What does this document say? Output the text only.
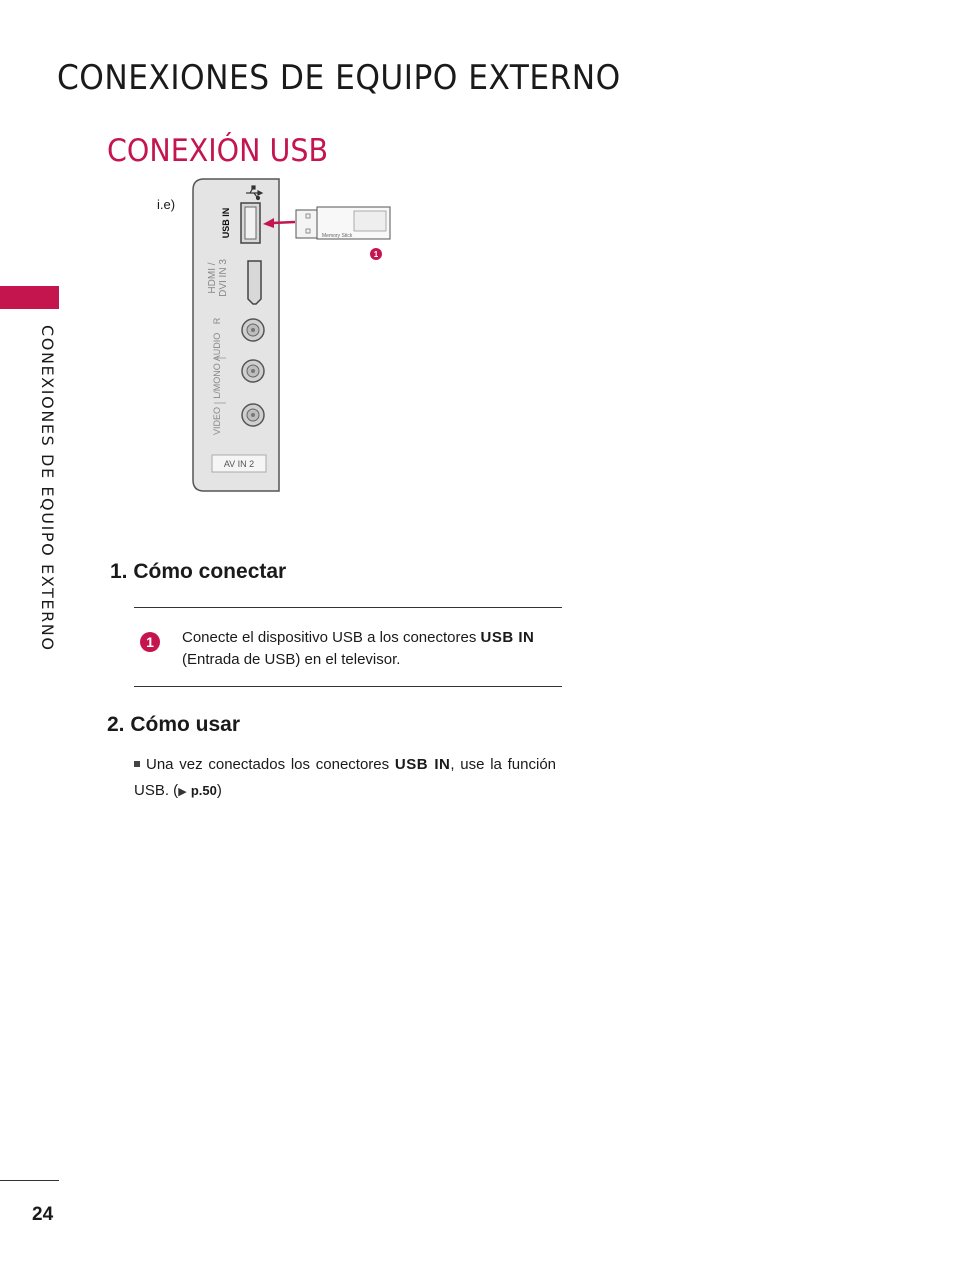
CONEXIONES DE EQUIPO EXTERNO
CONEXIÓN USB
CONEXIONES DE EQUIPO EXTERNO
i.e)
USB IN
HDMI / DVI IN 3
R
AUDIO
L/MONO
VIDEO
AV IN 2
Memory Stick
1
1. Cómo conectar
1	Conecte el dispositivo USB a los conectores USB IN
(Entrada de USB) en el televisor.
2. Cómo usar
Una vez conectados los conectores USB IN, use la función USB. (▶ p.50)
24
